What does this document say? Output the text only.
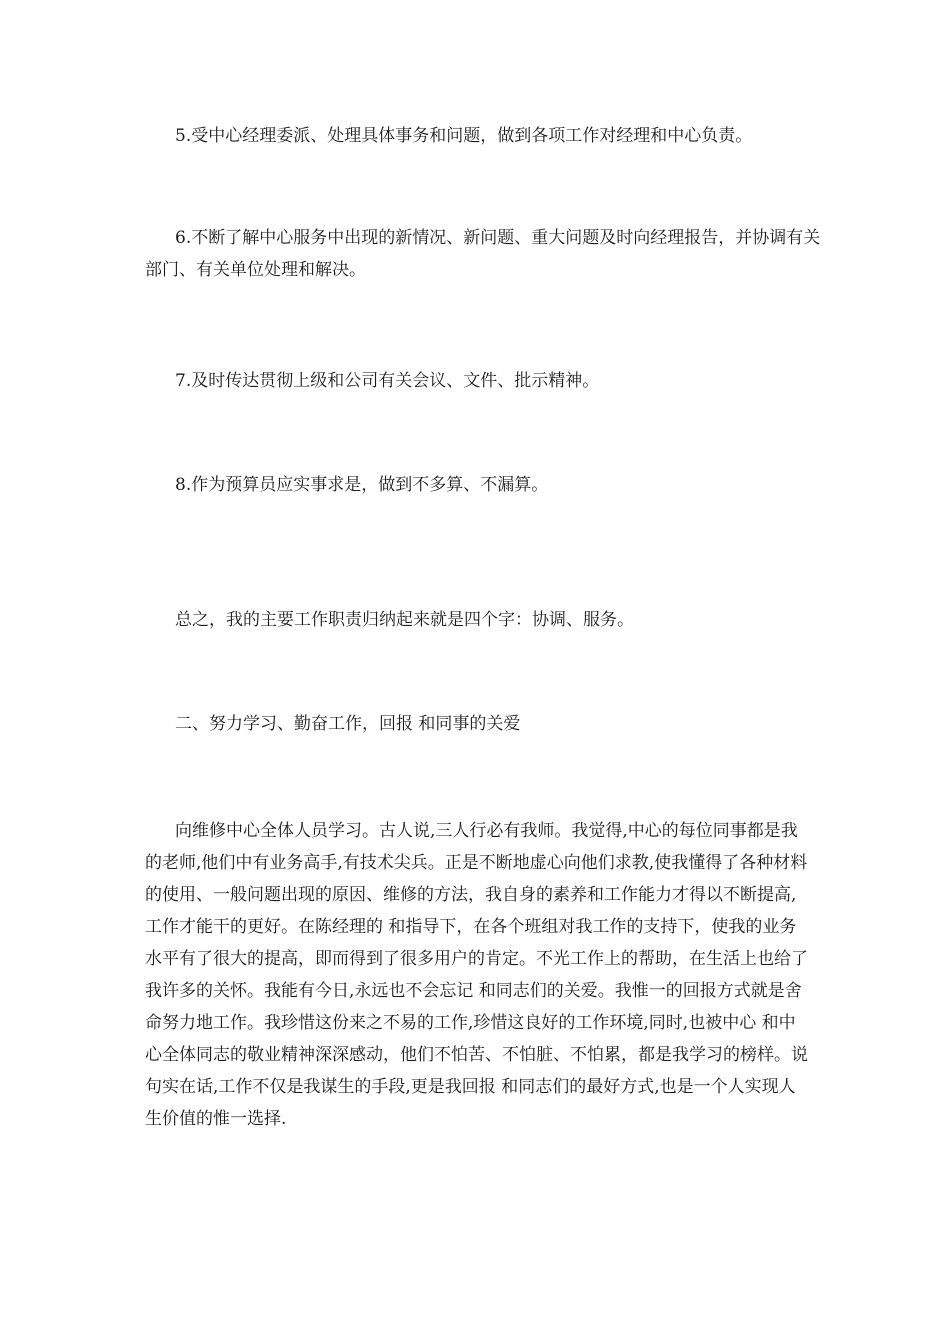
5.受中心经理委派、处理具体事务和问题，做到各项工作对经理和中心负责。

6.不断了解中心服务中出现的新情况、新问题、重大问题及时向经理报告，并协调有关部门、有关单位处理和解决。

7.及时传达贯彻上级和公司有关会议、文件、批示精神。

8.作为预算员应实事求是，做到不多算、不漏算。

总之，我的主要工作职责归纳起来就是四个字：协调、服务。

二、努力学习、勤奋工作，回报 和同事的关爱

向维修中心全体人员学习。古人说,三人行必有我师。我觉得,中心的每位同事都是我的老师,他们中有业务高手,有技术尖兵。正是不断地虚心向他们求教,使我懂得了各种材料的使用、一般问题出现的原因、维修的方法，我自身的素养和工作能力才得以不断提高,工作才能干的更好。在陈经理的 和指导下，在各个班组对我工作的支持下，使我的业务水平有了很大的提高，即而得到了很多用户的肯定。不光工作上的帮助，在生活上也给了我许多的关怀。我能有今日,永远也不会忘记 和同志们的关爱。我惟一的回报方式就是舍命努力地工作。我珍惜这份来之不易的工作,珍惜这良好的工作环境,同时,也被中心 和中心全体同志的敬业精神深深感动，他们不怕苦、不怕脏、不怕累，都是我学习的榜样。说句实在话,工作不仅是我谋生的手段,更是我回报 和同志们的最好方式,也是一个人实现人生价值的惟一选择.
